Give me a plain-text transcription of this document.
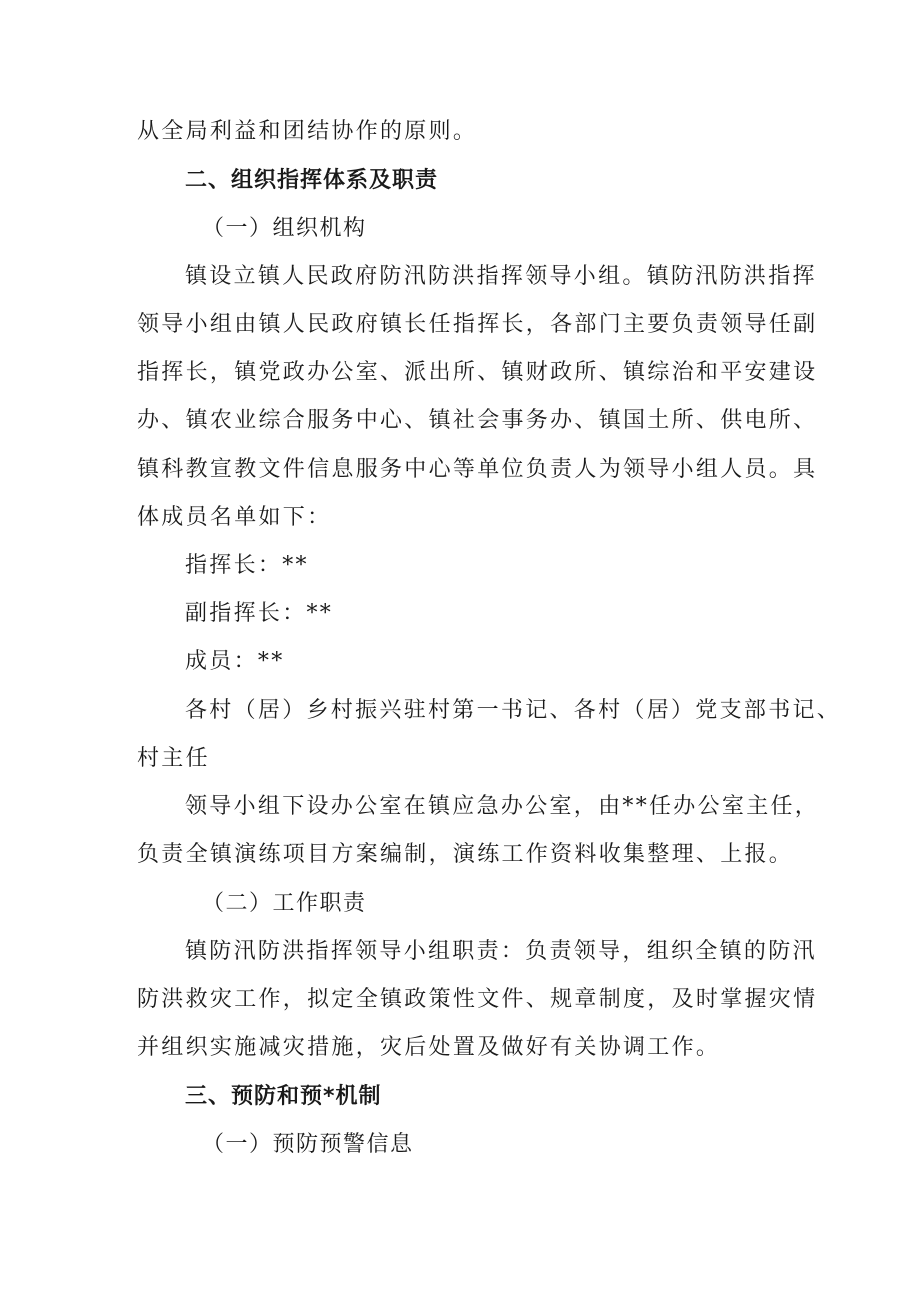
从全局利益和团结协作的原则。
二、组织指挥体系及职责
（一）组织机构
镇设立镇人民政府防汛防洪指挥领导小组。镇防汛防洪指挥
领导小组由镇人民政府镇长任指挥长，各部门主要负责领导任副
指挥长，镇党政办公室、派出所、镇财政所、镇综治和平安建设
办、镇农业综合服务中心、镇社会事务办、镇国土所、供电所、
镇科教宣教文件信息服务中心等单位负责人为领导小组人员。具
体成员名单如下：
指挥长：**
副指挥长：**
成员：**
各村（居）乡村振兴驻村第一书记、各村（居）党支部书记、
村主任
领导小组下设办公室在镇应急办公室，由**任办公室主任，
负责全镇演练项目方案编制，演练工作资料收集整理、上报。
（二）工作职责
镇防汛防洪指挥领导小组职责：负责领导，组织全镇的防汛
防洪救灾工作，拟定全镇政策性文件、规章制度，及时掌握灾情
并组织实施减灾措施，灾后处置及做好有关协调工作。
三、预防和预*机制
（一）预防预警信息
